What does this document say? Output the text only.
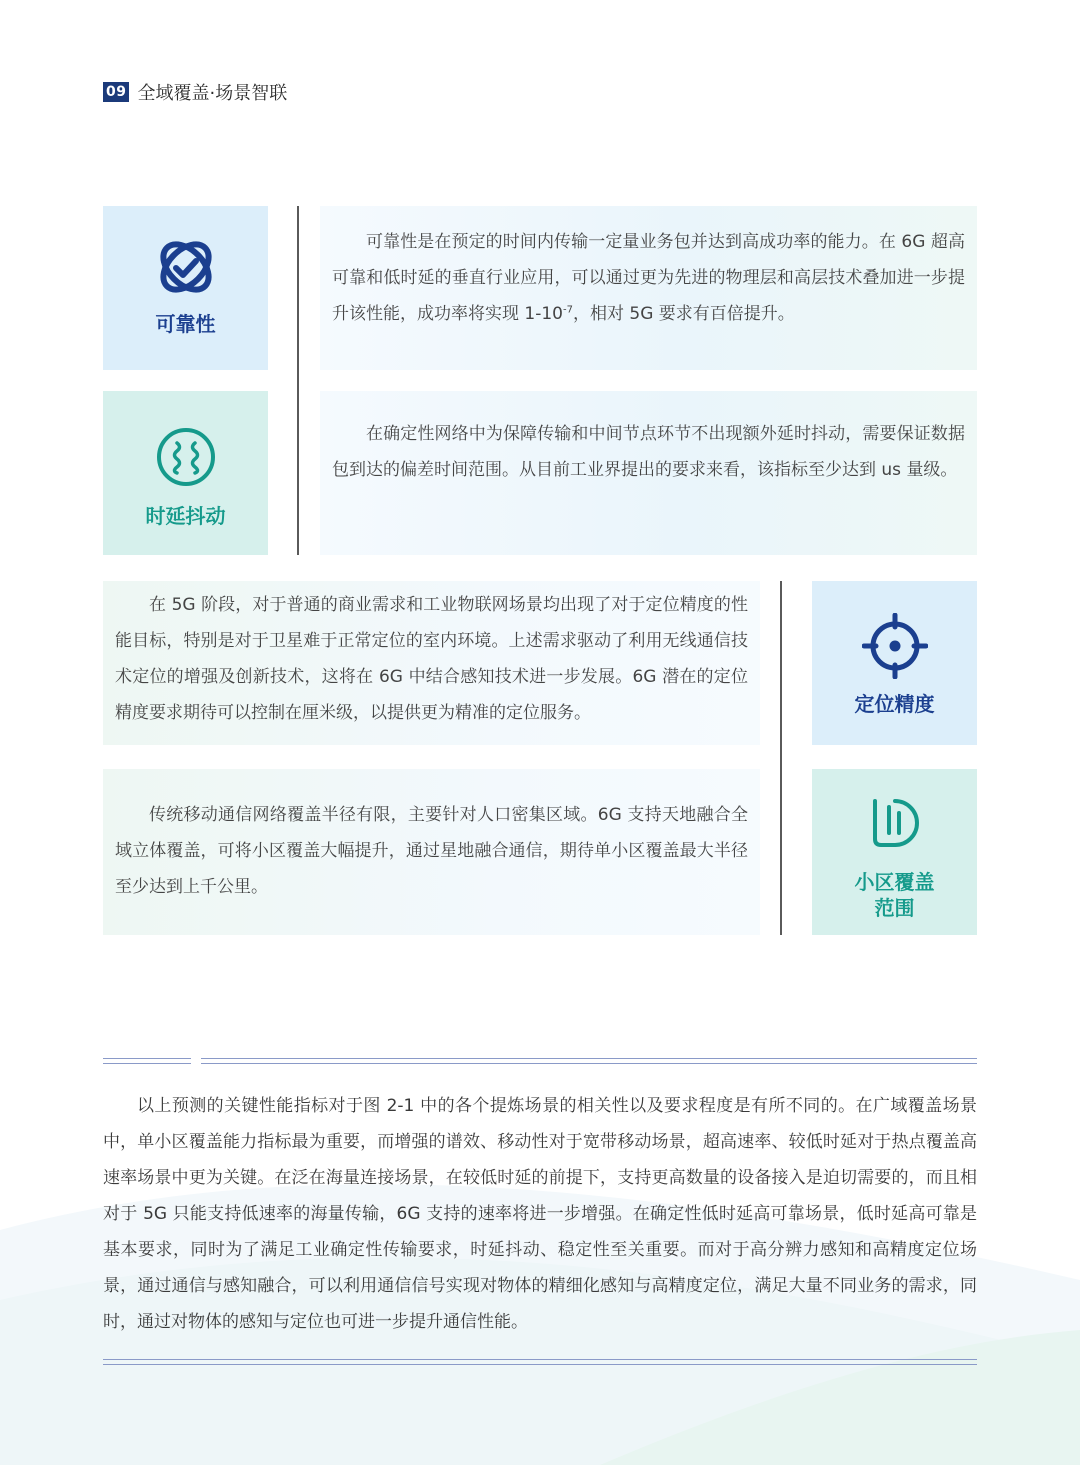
09 全域覆盖·场景智联
可靠性

可靠性是在预定的时间内传输一定量业务包并达到高成功率的能力。在 6G 超高可靠和低时延的垂直行业应用，可以通过更为先进的物理层和高层技术叠加进一步提升该性能，成功率将实现 $1-10^{-7}$，相对 5G 要求有百倍提升。

时延抖动

在确定性网络中为保障传输和中间节点环节不出现额外延时抖动，需要保证数据包到达的偏差时间范围。从目前工业界提出的要求来看，该指标至少达到 us 量级。

在 5G 阶段，对于普通的商业需求和工业物联网场景均出现了对于定位精度的性能目标，特别是对于卫星难于正常定位的室内环境。上述需求驱动了利用无线通信技术定位的增强及创新技术，这将在 6G 中结合感知技术进一步发展。6G 潜在的定位精度要求期待可以控制在厘米级，以提供更为精准的定位服务。	定位精度

传统移动通信网络覆盖半径有限，主要针对人口密集区域。6G 支持天地融合全域立体覆盖，可将小区覆盖大幅提升，通过星地融合通信，期待单小区覆盖最大半径至少达到上千公里。	小区覆盖
范围

以上预测的关键性能指标对于图 2-1 中的各个提炼场景的相关性以及要求程度是有所不同的。在广域覆盖场景中，单小区覆盖能力指标最为重要，而增强的谱效、移动性对于宽带移动场景，超高速率、较低时延对于热点覆盖高速率场景中更为关键。在泛在海量连接场景，在较低时延的前提下，支持更高数量的设备接入是迫切需要的，而且相对于 5G 只能支持低速率的海量传输，6G 支持的速率将进一步增强。在确定性低时延高可靠场景，低时延高可靠是基本要求，同时为了满足工业确定性传输要求，时延抖动、稳定性至关重要。而对于高分辨力感知和高精度定位场景，通过通信与感知融合，可以利用通信信号实现对物体的精细化感知与高精度定位，满足大量不同业务的需求，同时，通过对物体的感知与定位也可进一步提升通信性能。
